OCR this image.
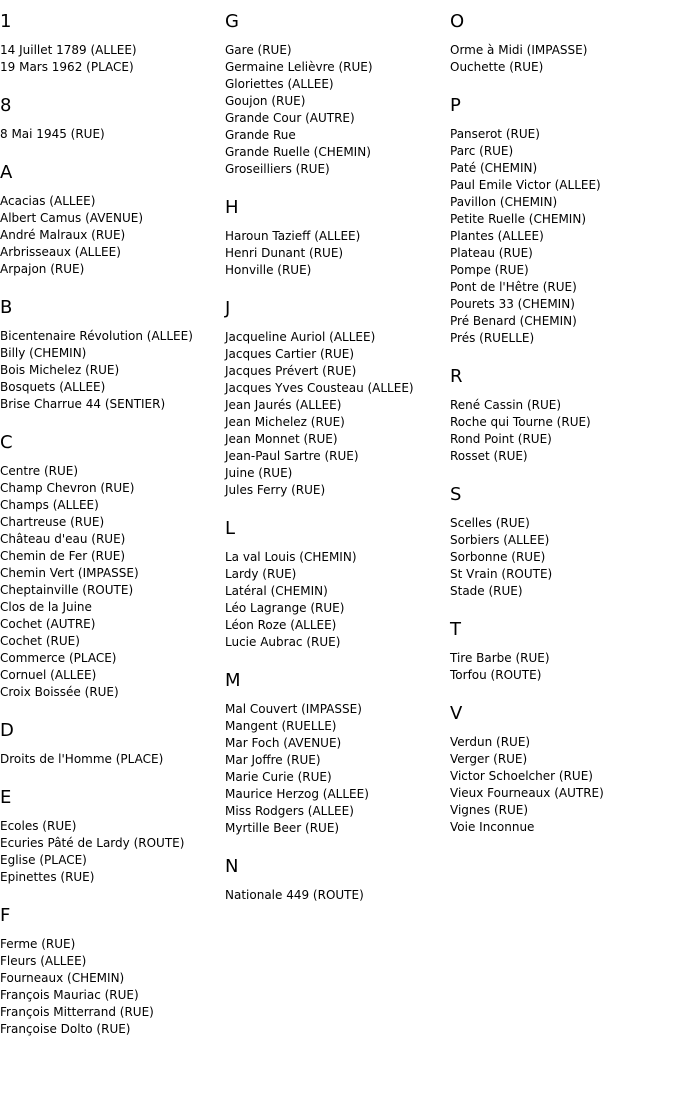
1
14 Juillet 1789 (ALLEE)
19 Mars 1962 (PLACE)
8
8 Mai 1945 (RUE)
A
Acacias (ALLEE)
Albert Camus (AVENUE)
André Malraux (RUE)
Arbrisseaux (ALLEE)
Arpajon (RUE)
B
Bicentenaire Révolution (ALLEE)
Billy (CHEMIN)
Bois Michelez (RUE)
Bosquets (ALLEE)
Brise Charrue 44 (SENTIER)
C
Centre (RUE)
Champ Chevron (RUE)
Champs (ALLEE)
Chartreuse (RUE)
Château d'eau (RUE)
Chemin de Fer (RUE)
Chemin Vert (IMPASSE)
Cheptainville (ROUTE)
Clos de la Juine
Cochet (AUTRE)
Cochet (RUE)
Commerce (PLACE)
Cornuel (ALLEE)
Croix Boissée (RUE)
D
Droits de l'Homme (PLACE)
E
Ecoles (RUE)
Ecuries Pâté de Lardy (ROUTE)
Eglise (PLACE)
Epinettes (RUE)
F
Ferme (RUE)
Fleurs (ALLEE)
Fourneaux (CHEMIN)
François Mauriac (RUE)
François Mitterrand (RUE)
Françoise Dolto (RUE)
G
Gare (RUE)
Germaine Lelièvre (RUE)
Gloriettes (ALLEE)
Goujon (RUE)
Grande Cour (AUTRE)
Grande Rue
Grande Ruelle (CHEMIN)
Groseilliers (RUE)
H
Haroun Tazieff (ALLEE)
Henri Dunant (RUE)
Honville (RUE)
J
Jacqueline Auriol (ALLEE)
Jacques Cartier (RUE)
Jacques Prévert (RUE)
Jacques Yves Cousteau (ALLEE)
Jean Jaurés (ALLEE)
Jean Michelez (RUE)
Jean Monnet (RUE)
Jean-Paul Sartre (RUE)
Juine (RUE)
Jules Ferry (RUE)
L
La val Louis (CHEMIN)
Lardy (RUE)
Latéral (CHEMIN)
Léo Lagrange (RUE)
Léon Roze (ALLEE)
Lucie Aubrac (RUE)
M
Mal Couvert (IMPASSE)
Mangent (RUELLE)
Mar Foch (AVENUE)
Mar Joffre (RUE)
Marie Curie (RUE)
Maurice Herzog (ALLEE)
Miss Rodgers (ALLEE)
Myrtille Beer (RUE)
N
Nationale 449 (ROUTE)
O
Orme à Midi (IMPASSE)
Ouchette (RUE)
P
Panserot (RUE)
Parc (RUE)
Paté (CHEMIN)
Paul Emile Victor (ALLEE)
Pavillon (CHEMIN)
Petite Ruelle (CHEMIN)
Plantes (ALLEE)
Plateau (RUE)
Pompe (RUE)
Pont de l'Hêtre (RUE)
Pourets 33 (CHEMIN)
Pré Benard (CHEMIN)
Prés (RUELLE)
R
René Cassin (RUE)
Roche qui Tourne (RUE)
Rond Point (RUE)
Rosset (RUE)
S
Scelles (RUE)
Sorbiers (ALLEE)
Sorbonne (RUE)
St Vrain (ROUTE)
Stade (RUE)
T
Tire Barbe (RUE)
Torfou (ROUTE)
V
Verdun (RUE)
Verger (RUE)
Victor Schoelcher (RUE)
Vieux Fourneaux (AUTRE)
Vignes (RUE)
Voie Inconnue
